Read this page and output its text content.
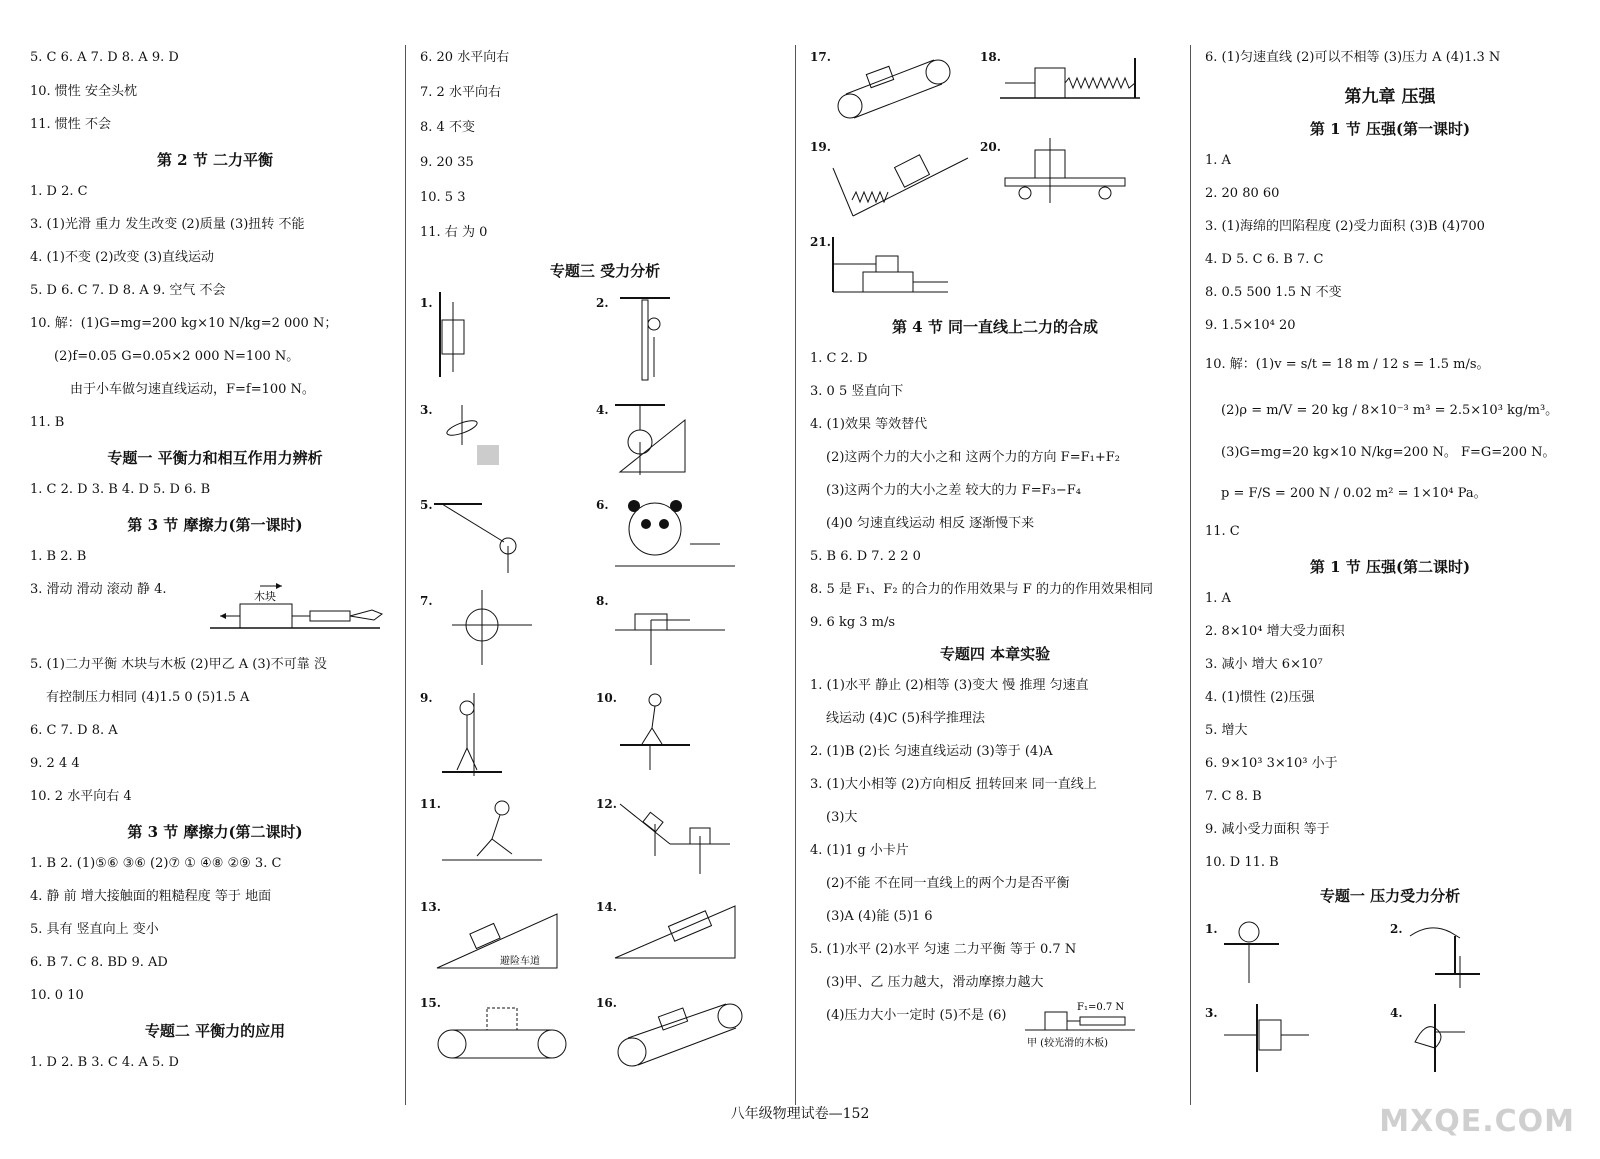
5. C 6. A 7. D 8. A 9. D
10. 惯性 安全头枕
11. 惯性 不会
第 2 节 二力平衡
1. D 2. C
3. (1)光滑 重力 发生改变 (2)质量 (3)扭转 不能
4. (1)不变 (2)改变 (3)直线运动
5. D 6. C 7. D 8. A 9. 空气 不会
10. 解：(1)G=mg=200 kg×10 N/kg=2 000 N；
(2)f=0.05 G=0.05×2 000 N=100 N。
由于小车做匀速直线运动，F=f=100 N。
11. B
专题一 平衡力和相互作用力辨析
1. C 2. D 3. B 4. D 5. D 6. B
第 3 节 摩擦力(第一课时)
1. B 2. B
3. 滑动 滑动 滚动 静 4.	木块
5. (1)二力平衡 木块与木板 (2)甲乙 A (3)不可靠 没
有控制压力相同 (4)1.5 0 (5)1.5 A
6. C 7. D 8. A
9. 2 4 4
10. 2 水平向右 4
第 3 节 摩擦力(第二课时)
1. B 2. (1)⑤⑥ ③⑥ (2)⑦ ① ④⑧ ②⑨ 3. C
4. 静 前 增大接触面的粗糙程度 等于 地面
5. 具有 竖直向上 变小
6. B 7. C 8. BD 9. AD
10. 0 10
专题二 平衡力的应用
1. D 2. B 3. C 4. A 5. D
6. 20 水平向右
7. 2 水平向右
8. 4 不变
9. 20 35
10. 5 3
11. 右 为 0
专题三 受力分析
1.	2.
3.	4.
5.	6.
7.	8.
9.	10.
11.	12.
13.	14.
15.	16.
避险车道
17.	18.
19.	20.
21.
第 4 节 同一直线上二力的合成
1. C 2. D
3. 0 5 竖直向下
4. (1)效果 等效替代
(2)这两个力的大小之和 这两个力的方向 F=F₁+F₂
(3)这两个力的大小之差 较大的力 F=F₃−F₄
(4)0 匀速直线运动 相反 逐渐慢下来
5. B 6. D 7. 2 2 0
8. 5 是 F₁、F₂ 的合力的作用效果与 F 的力的作用效果相同
9. 6 kg 3 m/s
专题四 本章实验
1. (1)水平 静止 (2)相等 (3)变大 慢 推理 匀速直
线运动 (4)C (5)科学推理法
2. (1)B (2)长 匀速直线运动 (3)等于 (4)A
3. (1)大小相等 (2)方向相反 扭转回来 同一直线上
(3)大
4. (1)1 g 小卡片
(2)不能 不在同一直线上的两个力是否平衡
(3)A (4)能 (5)1 6
5. (1)水平 (2)水平 匀速 二力平衡 等于 0.7 N
(3)甲、乙 压力越大，滑动摩擦力越大
(4)压力大小一定时 (5)不是 (6)
F₁=0.7 N
甲 (较光滑的木板)
6. (1)匀速直线 (2)可以不相等 (3)压力 A (4)1.3 N
第九章 压强
第 1 节 压强(第一课时)
1. A
2. 20 80 60
3. (1)海绵的凹陷程度 (2)受力面积 (3)B (4)700
4. D 5. C 6. B 7. C
8. 0.5 500 1.5 N 不变
9. 1.5×10⁴ 20
10. 解：(1)v = s/t = 18 m / 12 s = 1.5 m/s。
(2)ρ = m/V = 20 kg / 8×10⁻³ m³ = 2.5×10³ kg/m³。
(3)G=mg=20 kg×10 N/kg=200 N。 F=G=200 N。
p = F/S = 200 N / 0.02 m² = 1×10⁴ Pa。
11. C
第 1 节 压强(第二课时)
1. A
2. 8×10⁴ 增大受力面积
3. 减小 增大 6×10⁷
4. (1)惯性 (2)压强
5. 增大
6. 9×10³ 3×10³ 小于
7. C 8. B
9. 减小受力面积 等于
10. D 11. B
专题一 压力受力分析
1.	2.
3.	4.
八年级物理试卷—152	MXQE.COM
